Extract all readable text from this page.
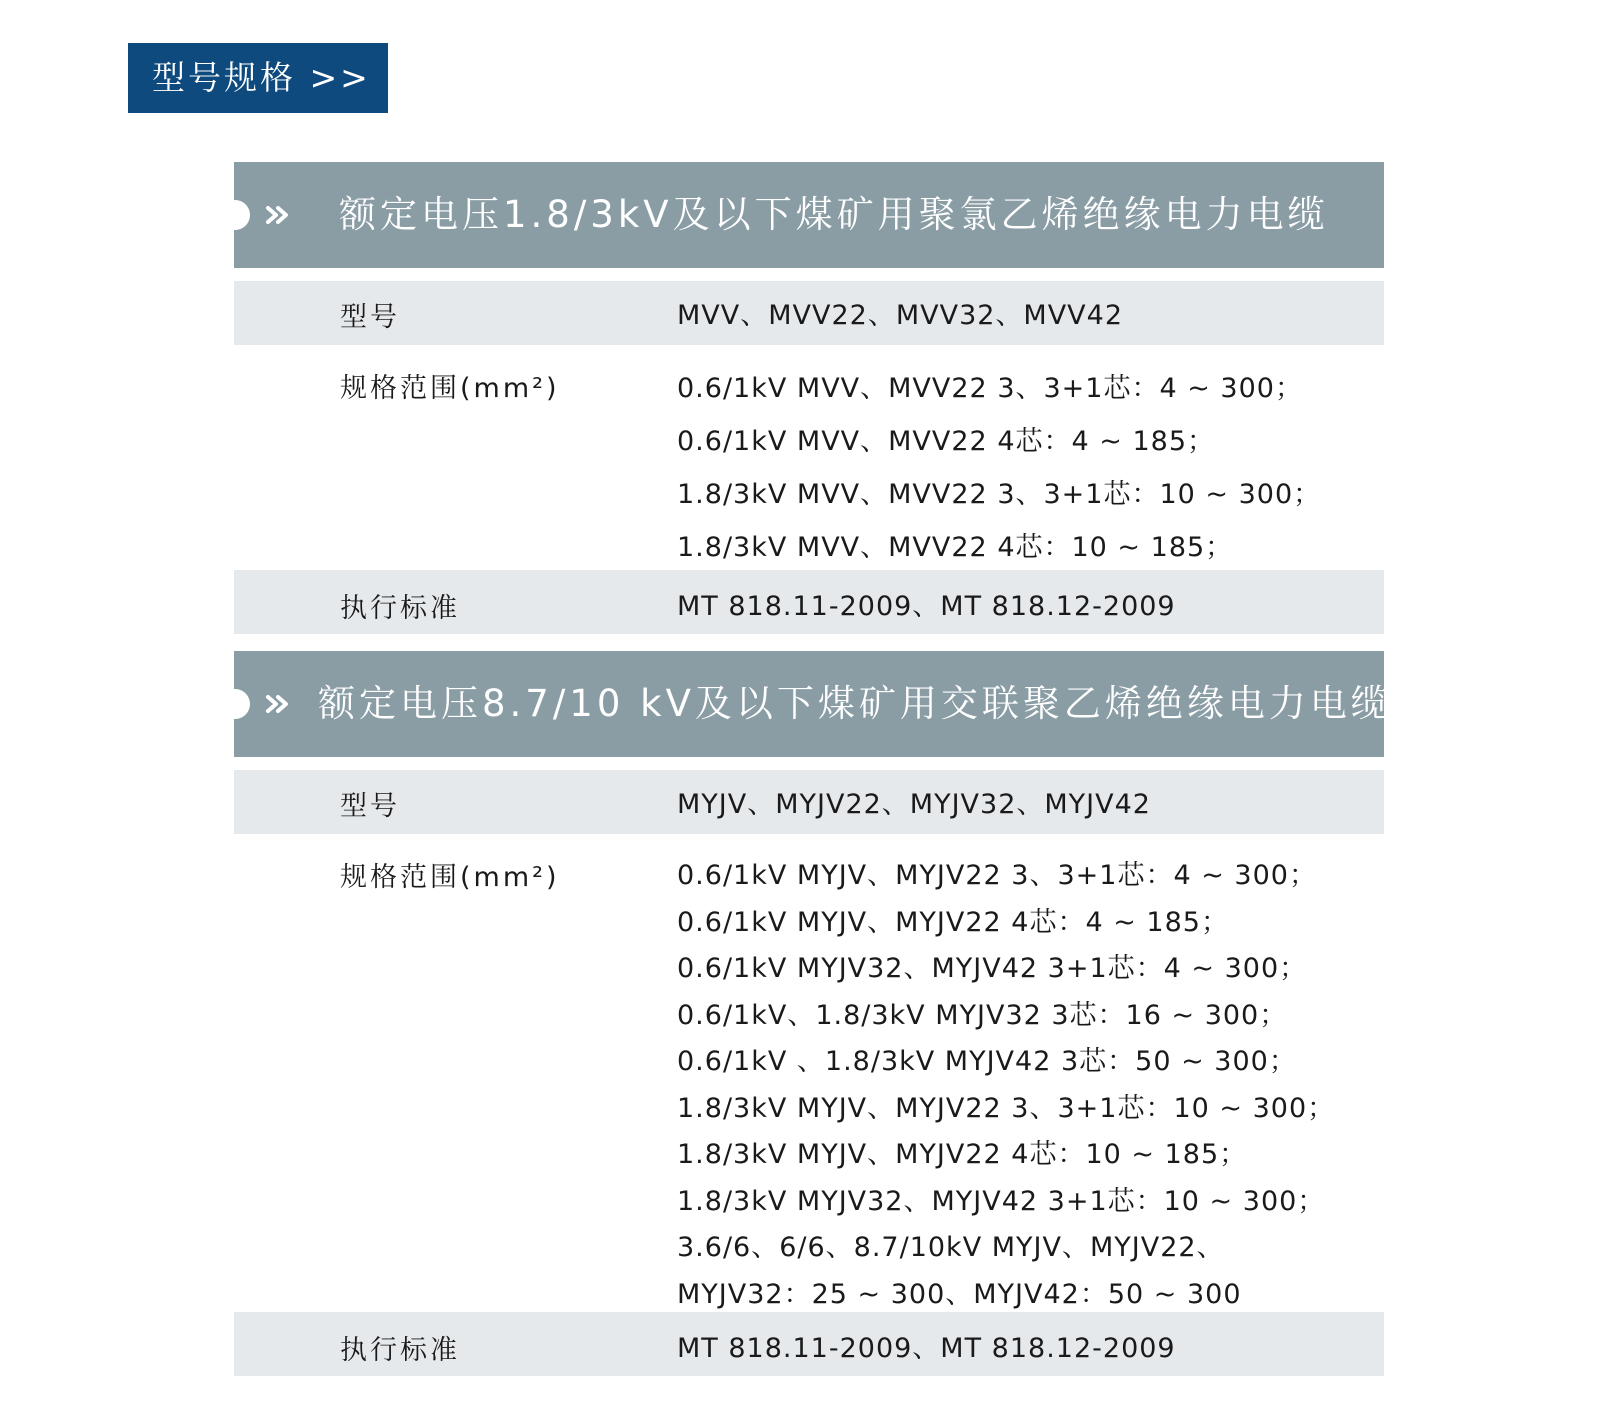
型号规格 >>
额定电压1.8/3kV及以下煤矿用聚氯乙烯绝缘电力电缆
型号	MVV、MVV22、MVV32、MVV42
规格范围(mm²)	0.6/1kV MVV、MVV22 3、3+1芯：4 ~ 300；
0.6/1kV MVV、MVV22 4芯：4 ~ 185；
1.8/3kV MVV、MVV22 3、3+1芯：10 ~ 300；
1.8/3kV MVV、MVV22 4芯：10 ~ 185；
执行标准	MT 818.11-2009、MT 818.12-2009
额定电压8.7/10 kV及以下煤矿用交联聚乙烯绝缘电力电缆
型号	MYJV、MYJV22、MYJV32、MYJV42
规格范围(mm²)	0.6/1kV MYJV、MYJV22 3、3+1芯：4 ~ 300；
0.6/1kV MYJV、MYJV22 4芯：4 ~ 185；
0.6/1kV MYJV32、MYJV42 3+1芯：4 ~ 300；
0.6/1kV、1.8/3kV MYJV32 3芯：16 ~ 300；
0.6/1kV 、1.8/3kV MYJV42 3芯：50 ~ 300；
1.8/3kV MYJV、MYJV22 3、3+1芯：10 ~ 300；
1.8/3kV MYJV、MYJV22 4芯：10 ~ 185；
1.8/3kV MYJV32、MYJV42 3+1芯：10 ~ 300；
3.6/6、6/6、8.7/10kV MYJV、MYJV22、
MYJV32：25 ~ 300、MYJV42：50 ~ 300
执行标准	MT 818.11-2009、MT 818.12-2009
